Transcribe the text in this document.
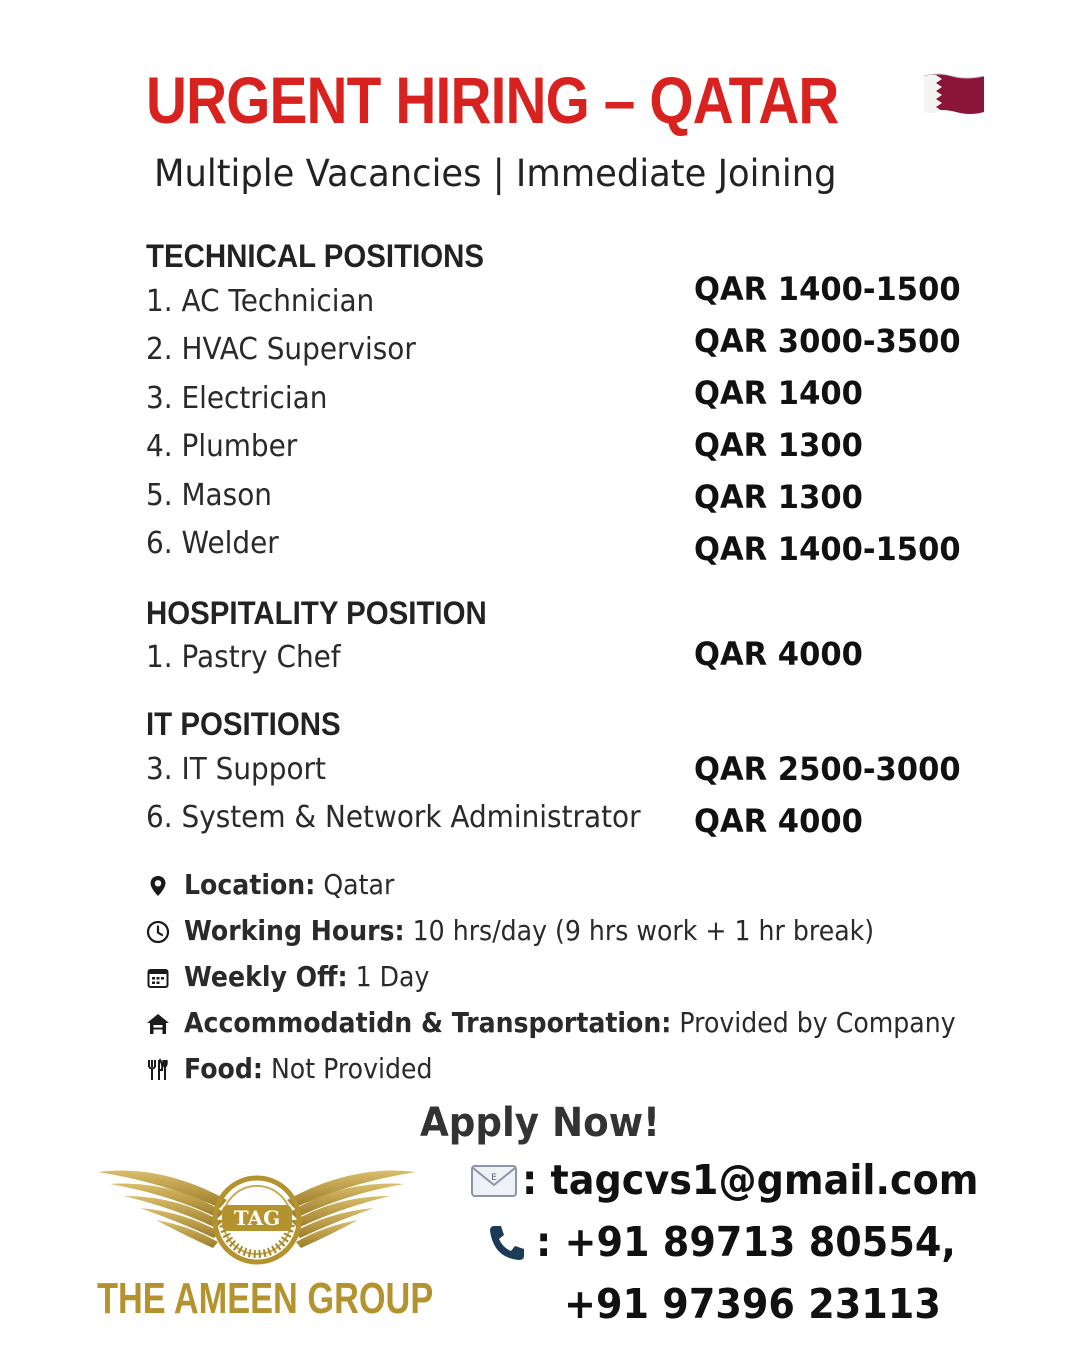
URGENT HIRING – QATAR
Multiple Vacancies | Immediate Joining
TECHNICAL POSITIONS
1. AC Technician	QAR 1400-1500
2. HVAC Supervisor	QAR 3000-3500
3. Electrician	QAR 1400
4. Plumber	QAR 1300
5. Mason	QAR 1300
6. Welder	QAR 1400-1500
HOSPITALITY POSITION
1. Pastry Chef	QAR 4000
IT POSITIONS
3. IT Support	QAR 2500-3000
6. System & Network Administrator QAR 4000
Location: Qatar
Working Hours: 10 hrs/day (9 hrs work + 1 hr break)
Weekly Off: 1 Day
Accommodatidn & Transportation: Provided by Company
Food: Not Provided
Apply Now!
E : tagcvs1@gmail.com
: +91 89713 80554,
+91 97396 23113
TAG
THE AMEEN GROUP
